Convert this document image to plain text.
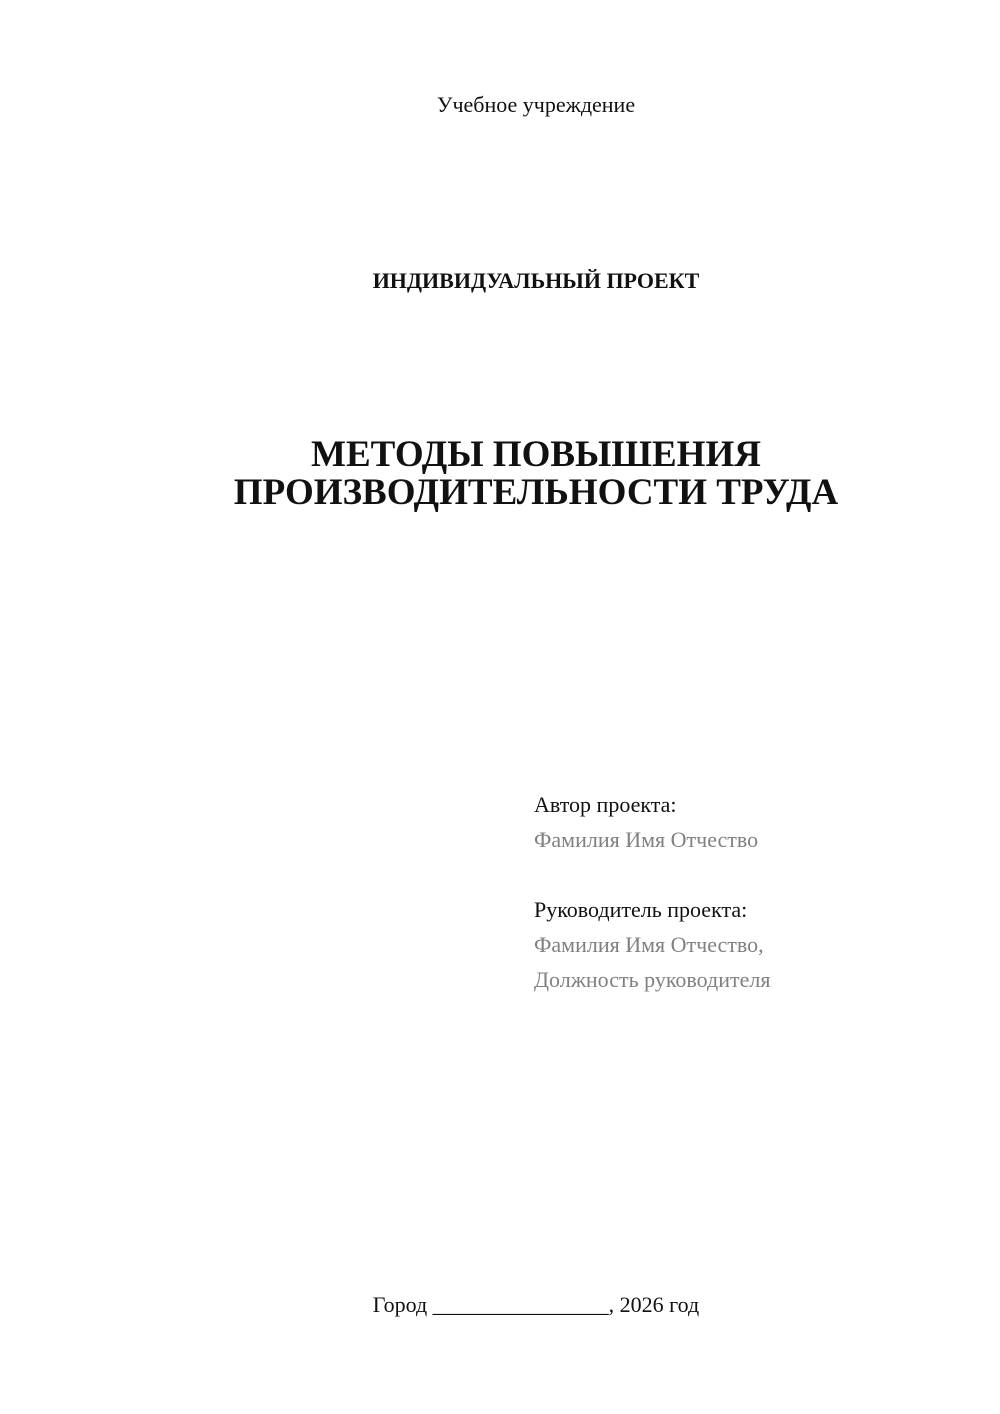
Учебное учреждение
ИНДИВИДУАЛЬНЫЙ ПРОЕКТ
МЕТОДЫ ПОВЫШЕНИЯ
ПРОИЗВОДИТЕЛЬНОСТИ ТРУДА
Автор проекта:
Фамилия Имя Отчество
Руководитель проекта:
Фамилия Имя Отчество,
Должность руководителя
Город ________________, 2026 год
